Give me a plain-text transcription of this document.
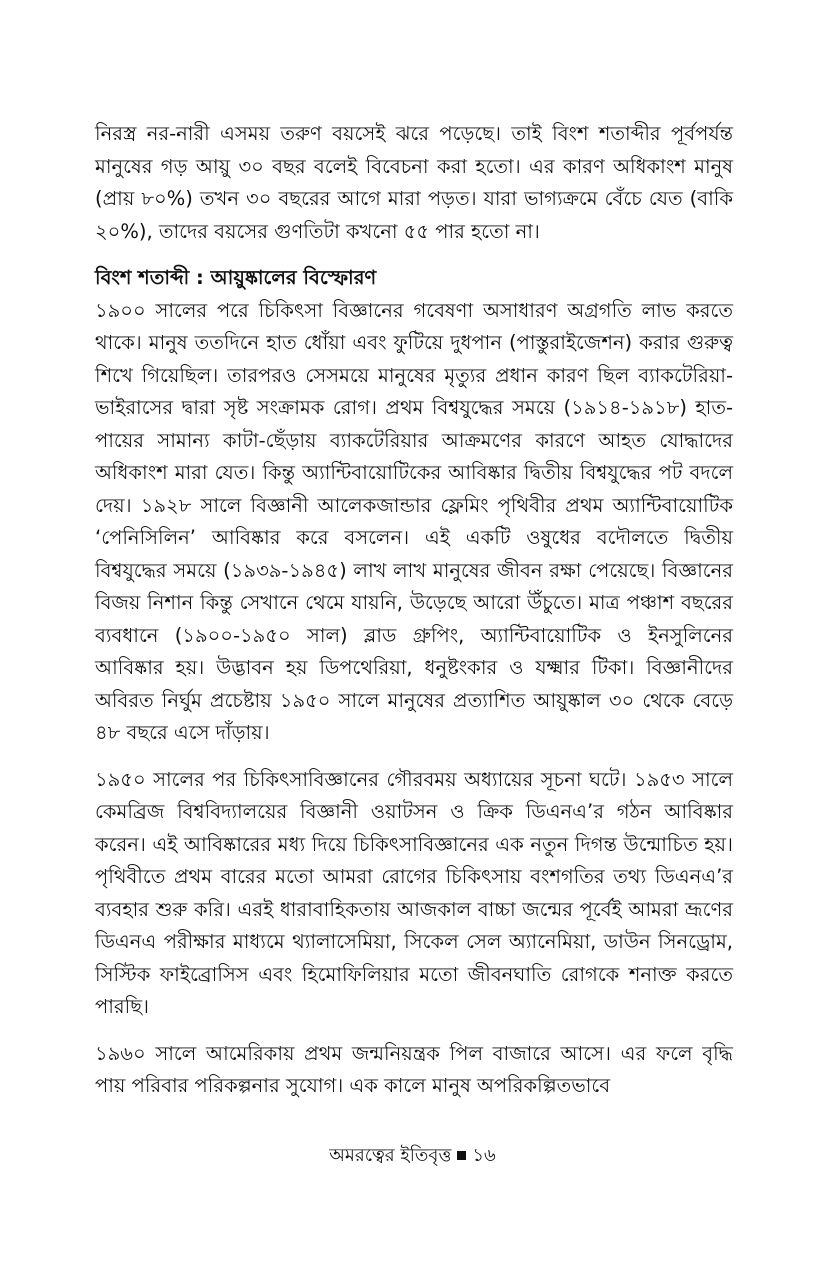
নিরস্ত্র নর-নারী এসময় তরুণ বয়সেই ঝরে পড়েছে। তাই বিংশ শতাব্দীর পূর্বপর্যন্ত মানুষের গড় আয়ু ৩০ বছর বলেই বিবেচনা করা হতো। এর কারণ অধিকাংশ মানুষ (প্রায় ৮০%) তখন ৩০ বছরের আগে মারা পড়ত। যারা ভাগ্যক্রমে বেঁচে যেত (বাকি ২০%), তাদের বয়সের গুণতিটা কখনো ৫৫ পার হতো না।

বিংশ শতাব্দী : আয়ুষ্কালের বিস্ফোরণ

১৯০০ সালের পরে চিকিৎসা বিজ্ঞানের গবেষণা অসাধারণ অগ্রগতি লাভ করতে থাকে। মানুষ ততদিনে হাত ধোঁয়া এবং ফুটিয়ে দুধপান (পাস্তুরাইজেশন) করার গুরুত্ব শিখে গিয়েছিল। তারপরও সেসময়ে মানুষের মৃত্যুর প্রধান কারণ ছিল ব্যাকটেরিয়া-ভাইরাসের দ্বারা সৃষ্ট সংক্রামক রোগ। প্রথম বিশ্বযুদ্ধের সময়ে (১৯১৪-১৯১৮) হাত-পায়ের সামান্য কাটা-ছেঁড়ায় ব্যাকটেরিয়ার আক্রমণের কারণে আহত যোদ্ধাদের অধিকাংশ মারা যেত। কিন্তু অ্যান্টিবায়োটিকের আবিষ্কার দ্বিতীয় বিশ্বযুদ্ধের পট বদলে দেয়। ১৯২৮ সালে বিজ্ঞানী আলেকজান্ডার ফ্লেমিং পৃথিবীর প্রথম অ্যান্টিবায়োটিক ‘পেনিসিলিন’ আবিষ্কার করে বসলেন। এই একটি ওষুধের বদৌলতে দ্বিতীয় বিশ্বযুদ্ধের সময়ে (১৯৩৯-১৯৪৫) লাখ লাখ মানুষের জীবন রক্ষা পেয়েছে। বিজ্ঞানের বিজয় নিশান কিন্তু সেখানে থেমে যায়নি, উড়েছে আরো উঁচুতে। মাত্র পঞ্চাশ বছরের ব্যবধানে (১৯০০-১৯৫০ সাল) ব্লাড গ্রুপিং, অ্যান্টিবায়োটিক ও ইনসুলিনের আবিষ্কার হয়। উদ্ভাবন হয় ডিপথেরিয়া, ধনুষ্টংকার ও যক্ষ্মার টিকা। বিজ্ঞানীদের অবিরত নির্ঘুম প্রচেষ্টায় ১৯৫০ সালে মানুষের প্রত্যাশিত আয়ুষ্কাল ৩০ থেকে বেড়ে ৪৮ বছরে এসে দাঁড়ায়।

১৯৫০ সালের পর চিকিৎসাবিজ্ঞানের গৌরবময় অধ্যায়ের সূচনা ঘটে। ১৯৫৩ সালে কেমব্রিজ বিশ্ববিদ্যালয়ের বিজ্ঞানী ওয়াটসন ও ক্রিক ডিএনএ’র গঠন আবিষ্কার করেন। এই আবিষ্কারের মধ্য দিয়ে চিকিৎসাবিজ্ঞানের এক নতুন দিগন্ত উন্মোচিত হয়। পৃথিবীতে প্রথম বারের মতো আমরা রোগের চিকিৎসায় বংশগতির তথ্য ডিএনএ’র ব্যবহার শুরু করি। এরই ধারাবাহিকতায় আজকাল বাচ্চা জন্মের পূর্বেই আমরা ভ্রূণের ডিএনএ পরীক্ষার মাধ্যমে থ্যালাসেমিয়া, সিকেল সেল অ্যানেমিয়া, ডাউন সিনড্রোম, সিস্টিক ফাইব্রোসিস এবং হিমোফিলিয়ার মতো জীবনঘাতি রোগকে শনাক্ত করতে পারছি।

১৯৬০ সালে আমেরিকায় প্রথম জন্মনিয়ন্ত্রক পিল বাজারে আসে। এর ফলে বৃদ্ধি পায় পরিবার পরিকল্পনার সুযোগ। এক কালে মানুষ অপরিকল্পিতভাবে

অমরত্বের ইতিবৃত্ত ১৬
